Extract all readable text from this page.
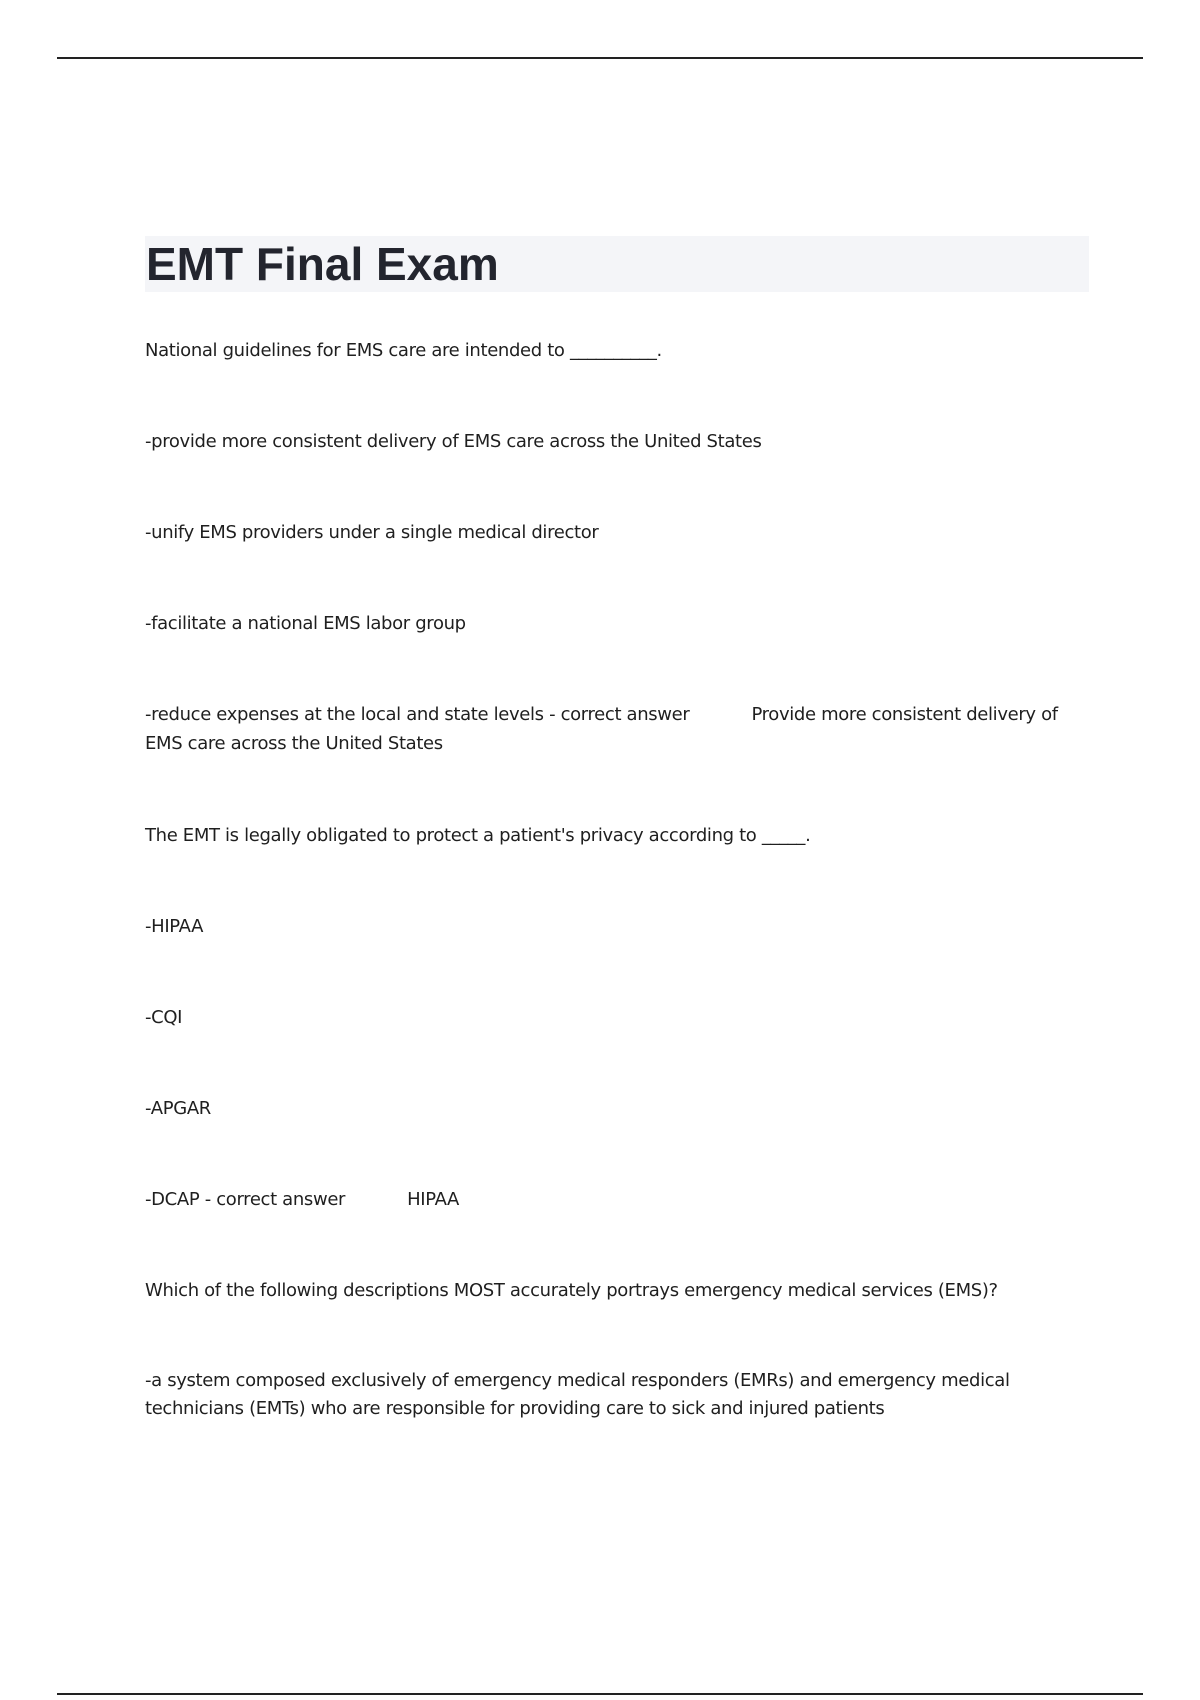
EMT Final Exam

National guidelines for EMS care are intended to __________.

-provide more consistent delivery of EMS care across the United States

-unify EMS providers under a single medical director

-facilitate a national EMS labor group

-reduce expenses at the local and state levels - correct answer	Provide more consistent delivery of EMS care across the United States

The EMT is legally obligated to protect a patient's privacy according to _____.

-HIPAA

-CQI

-APGAR

-DCAP - correct answer	HIPAA

Which of the following descriptions MOST accurately portrays emergency medical services (EMS)?

-a system composed exclusively of emergency medical responders (EMRs) and emergency medical technicians (EMTs) who are responsible for providing care to sick and injured patients
